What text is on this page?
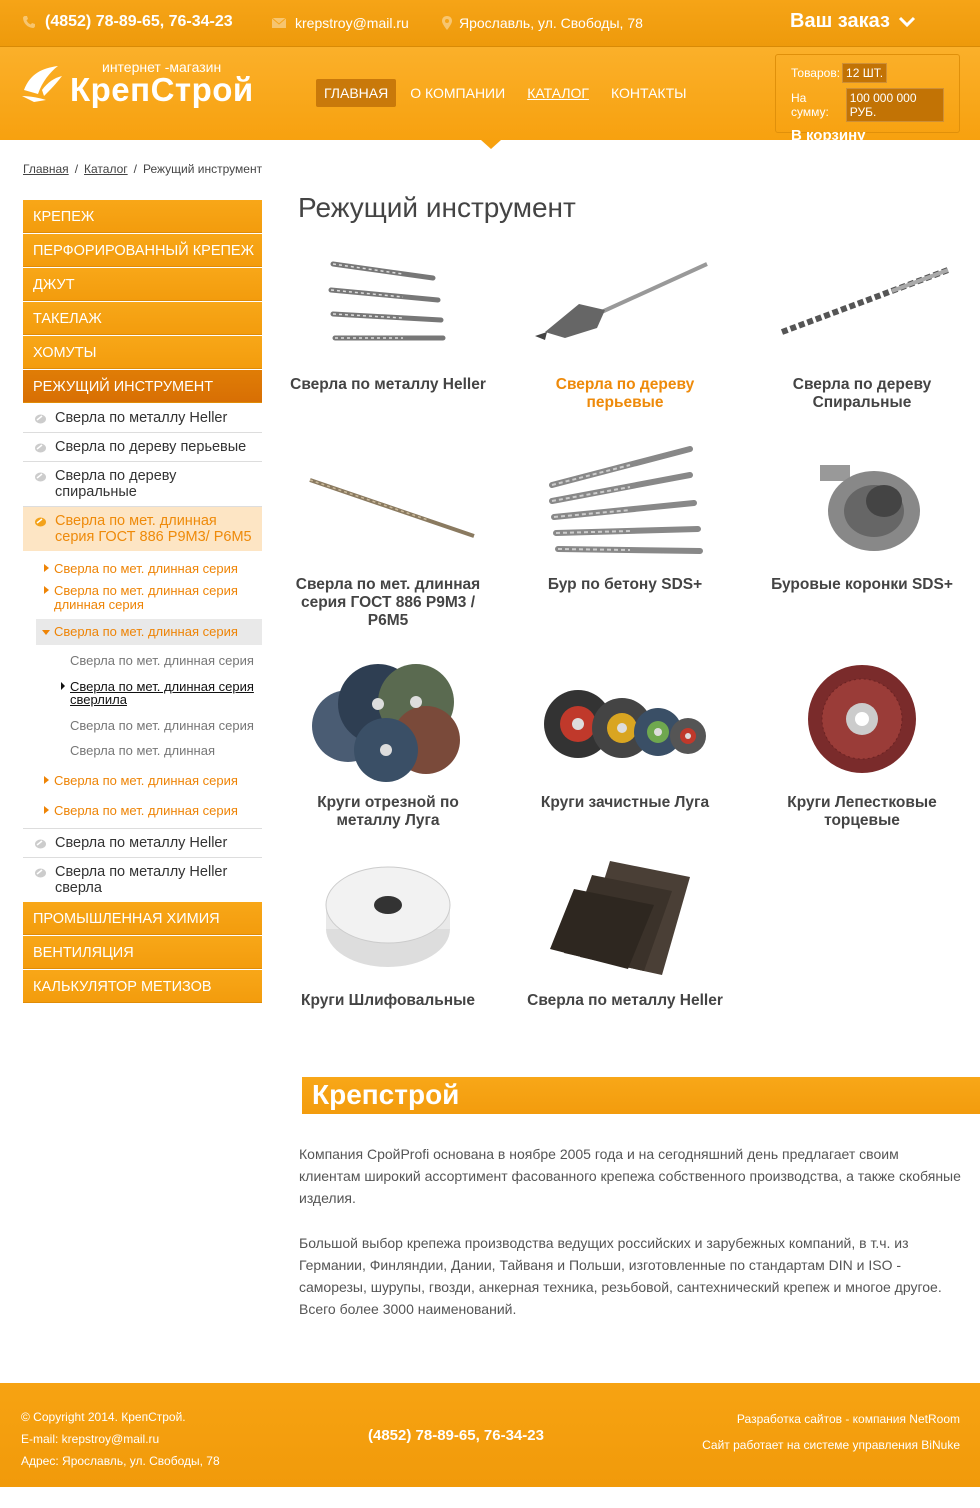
(4852) 78-89-65, 76-34-23	krepstroy@mail.ru	Ярославль, ул. Свободы, 78	Ваш заказ
интернет -магазин
КрепСтрой	ГЛАВНАЯ	О КОМПАНИИ	КАТАЛОГ	КОНТАКТЫ
Товаров: 12 ШТ.
На сумму:
100 000 000 РУБ.
В корзину
Главная / Каталог / Режущий инструмент
КРЕПЕЖ
ПЕРФОРИРОВАННЫЙ КРЕПЕЖ
ДЖУТ
ТАКЕЛАЖ
ХОМУТЫ
РЕЖУЩИЙ ИНСТРУМЕНТ
Сверла по металлу Heller
Сверла по дереву перьевые
Сверла по дереву спиральные
Сверла по мет. длинная серия ГОСТ 886 Р9М3/ Р6М5
Сверла по мет. длинная серия
Сверла по мет. длинная серия длинная серия
Сверла по мет. длинная серия
Сверла по мет. длинная серия
Сверла по мет. длинная серия сверлила
Сверла по мет. длинная серия
Сверла по мет. длинная
Сверла по мет. длинная серия
Сверла по мет. длинная серия
Сверла по металлу Heller
Сверла по металлу Heller сверла
ПРОМЫШЛЕННАЯ ХИМИЯ
ВЕНТИЛЯЦИЯ
КАЛЬКУЛЯТОР МЕТИЗОВ
Режущий инструмент
Сверла по металлу Heller	Сверла по дереву перьевые
Сверла по дереву Спиральные
Сверла по мет. длинная серия ГОСТ 886 Р9М3 / Р6М5
Бур по бетону SDS+	Буровые коронки SDS+
Круги отрезной по металлу Луга
Круги зачистные Луга	Круги Лепестковые торцевые
Круги Шлифовальные	Сверла по металлу Heller
Крепстрой

Компания СройProfi основана в ноябре 2005 года и на сегодняшний день предлагает своим клиентам широкий ассортимент фасованного крепежа собственного производства, а также скобяные изделия.

Большой выбор крепежа производства ведущих российских и зарубежных компаний, в т.ч. из Германии, Финляндии, Дании, Тайваня и Польши, изготовленные по стандартам DIN и ISO - саморезы, шурупы, гвозди, анкерная техника, резьбовой, сантехнический крепеж и многое другое. Всего более 3000 наименований.

© Copyright 2014. КрепСтрой.
E-mail: krepstroy@mail.ru
Адрес: Ярославль, ул. Свободы, 78
(4852) 78-89-65, 76-34-23
Разработка сайтов - компания NetRoom
Сайт работает на системе управления BiNuke
